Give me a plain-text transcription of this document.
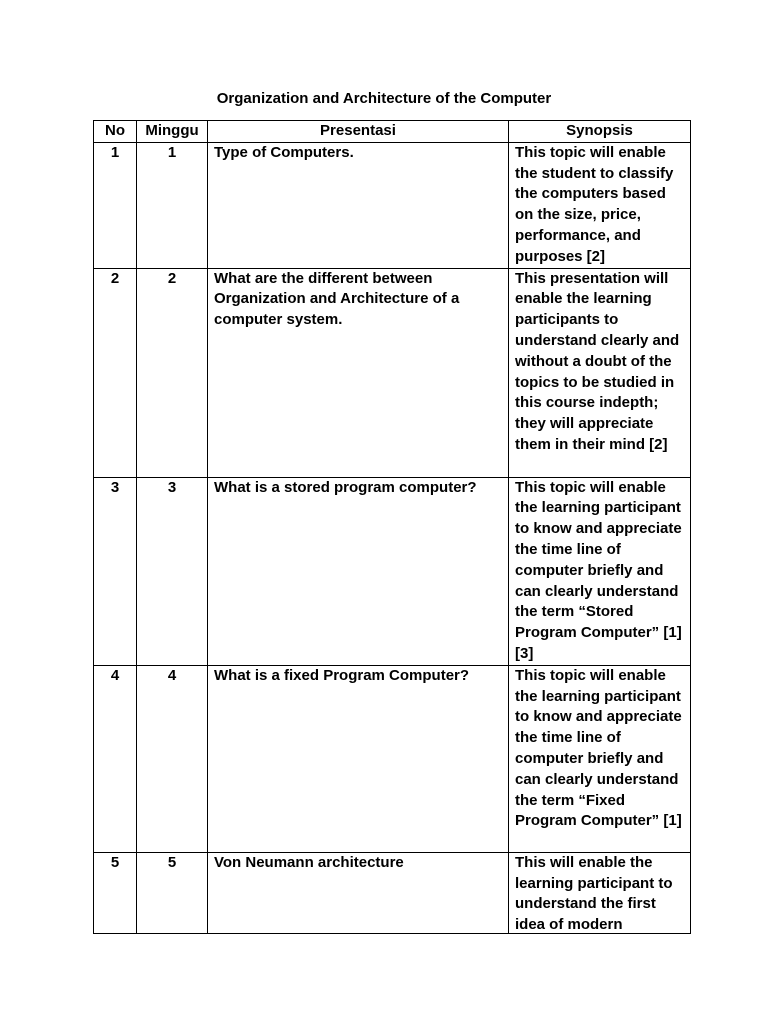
Organization and Architecture of the Computer
No	Minggu	Presentasi	Synopsis
1	1	Type of Computers.	This topic will enable the student to classify the computers based on the size, price, performance, and purposes [2]
2	2	What are the different between Organization and Architecture of a computer system.	This presentation will enable the learning participants to understand clearly and without a doubt of the topics to be studied in this course indepth; they will appreciate them in their mind [2]
3	3	What is a stored program computer?	This topic will enable the learning participant to know and appreciate the time line of computer briefly and can clearly understand the term “Stored Program Computer” [1][3]
4	4	What is a fixed Program Computer?	This topic will enable the learning participant to know and appreciate the time line of computer briefly and can clearly understand the term “Fixed Program Computer” [1]
5	5	Von Neumann architecture	This will enable the learning participant to understand the first idea of modern
